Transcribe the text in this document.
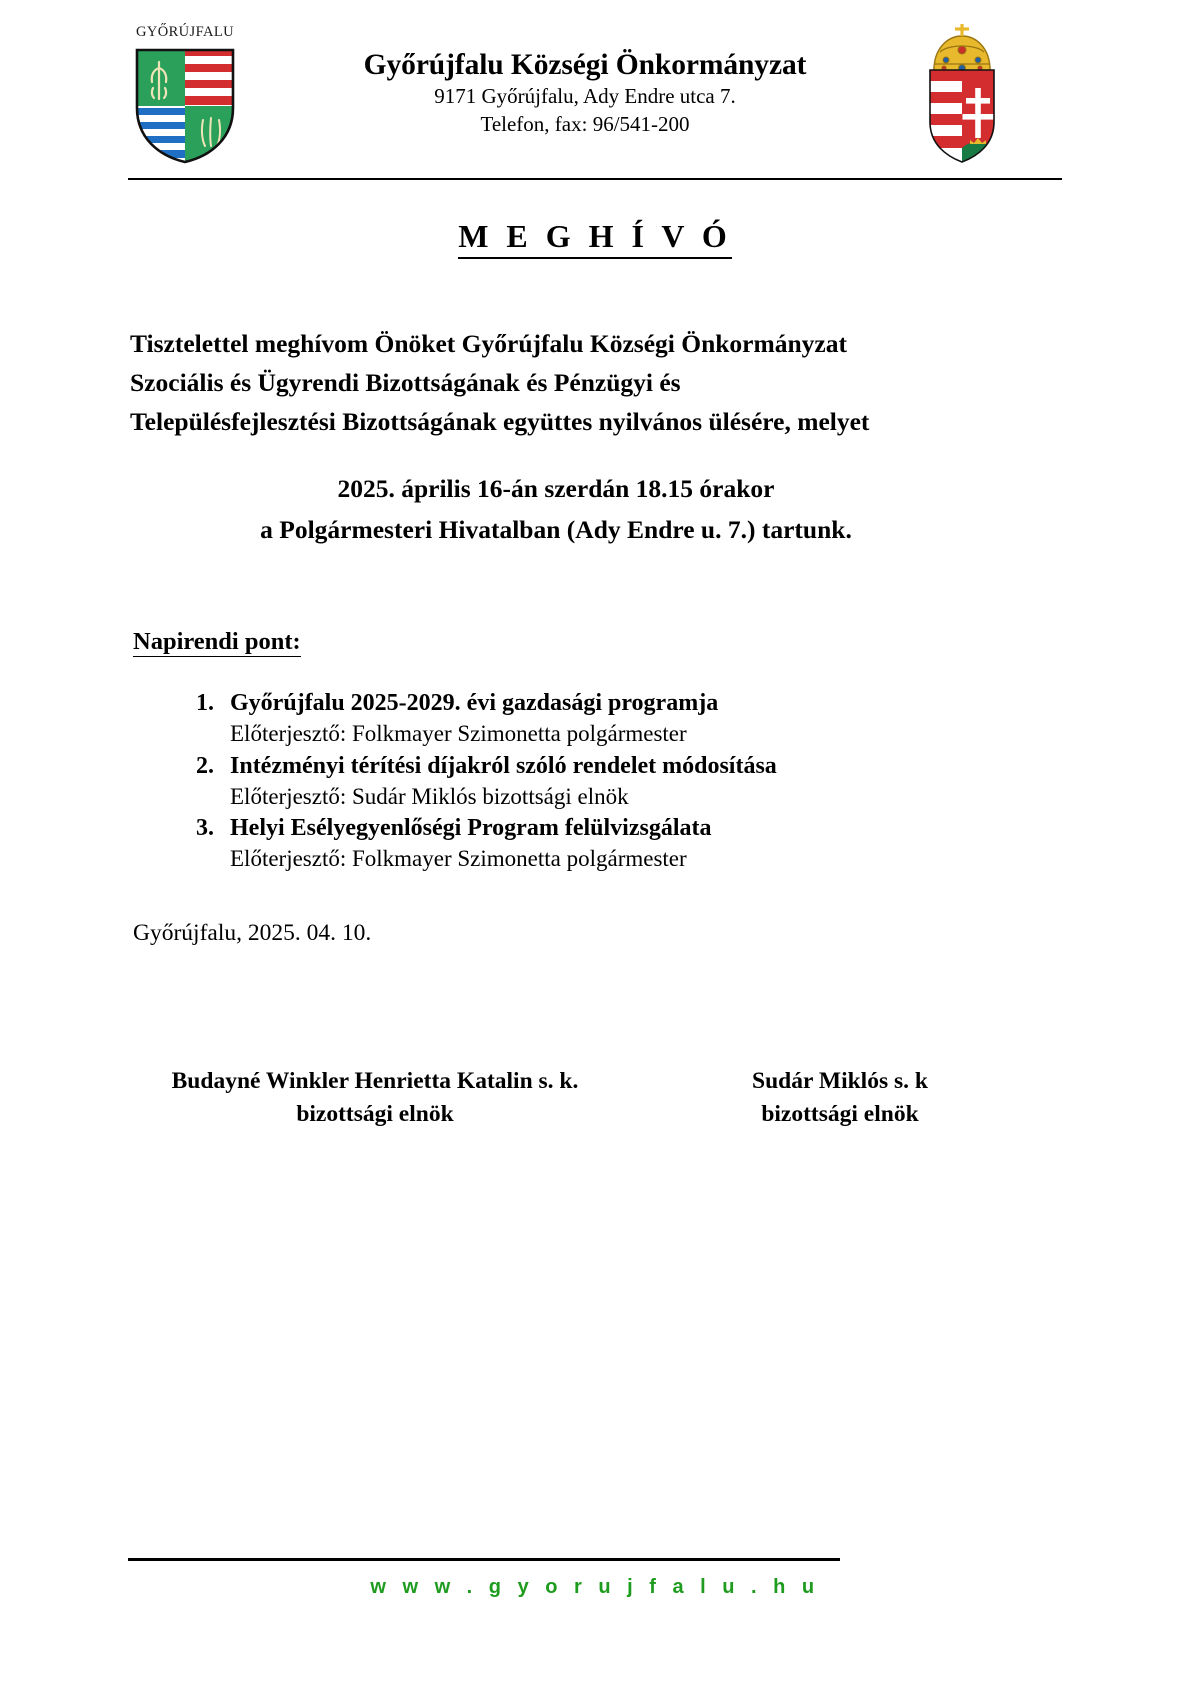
GYŐRÚJFALU
Győrújfalu Községi Önkormányzat
9171 Győrújfalu, Ady Endre utca 7.
Telefon, fax: 96/541-200
M E G H Í V Ó
Tisztelettel meghívom Önöket Győrújfalu Községi Önkormányzat
Szociális és Ügyrendi Bizottságának és Pénzügyi és
Településfejlesztési Bizottságának együttes nyilvános ülésére, melyet
2025. április 16-án szerdán 18.15 órakor
a Polgármesteri Hivatalban (Ady Endre u. 7.) tartunk.
Napirendi pont:
1. Győrújfalu 2025-2029. évi gazdasági programja
Előterjesztő: Folkmayer Szimonetta polgármester
2. Intézményi térítési díjakról szóló rendelet módosítása
Előterjesztő: Sudár Miklós bizottsági elnök
3. Helyi Esélyegyenlőségi Program felülvizsgálata
Előterjesztő: Folkmayer Szimonetta polgármester
Győrújfalu, 2025. 04. 10.
Budayné Winkler Henrietta Katalin s. k.
bizottsági elnök
Sudár Miklós s. k
bizottsági elnök
w w w . g y o r u j f a l u . h u
